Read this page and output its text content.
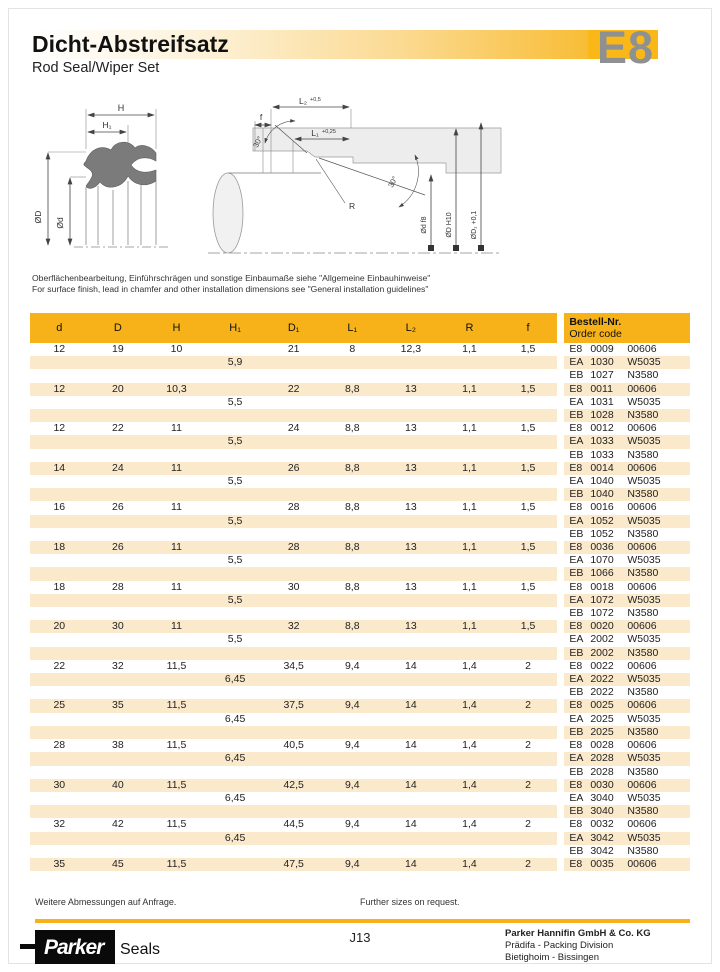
E8
Dicht-Abstreifsatz
Rod Seal/Wiper Set
H
H₁
ØD Ød
30°
30°
R
L₂ +0,5
f
L₁ +0,25
Ød f8	ØD H10	ØD₁ +0,1
Oberflächenbearbeitung, Einführschrägen und sonstige Einbaumaße siehe "Allgemeine Einbauhinweise"
For surface finish, lead in chamfer and other installation dimensions see "General installation guidelines"
d	D	H	H₁	D₁	L₁	L₂	R	f		Bestell-Nr.
Order code

12	19	10		21	8	12,3	1,1	1,5		E8 0009 00606
			5,9							EA 1030 W5035
										EB 1027 N3580
12	20	10,3		22	8,8	13	1,1	1,5		E8 0011 00606
			5,5							EA 1031 W5035
										EB 1028 N3580
12	22	11		24	8,8	13	1,1	1,5		E8 0012 00606
			5,5							EA 1033 W5035
										EB 1033 N3580
14	24	11		26	8,8	13	1,1	1,5		E8 0014 00606
			5,5							EA 1040 W5035
										EB 1040 N3580
16	26	11		28	8,8	13	1,1	1,5		E8 0016 00606
			5,5							EA 1052 W5035
										EB 1052 N3580
18	26	11		28	8,8	13	1,1	1,5		E8 0036 00606
			5,5							EA 1070 W5035
										EB 1066 N3580
18	28	11		30	8,8	13	1,1	1,5		E8 0018 00606
			5,5							EA 1072 W5035
										EB 1072 N3580
20	30	11		32	8,8	13	1,1	1,5		E8 0020 00606
			5,5							EA 2002 W5035
										EB 2002 N3580
22	32	11,5		34,5	9,4	14	1,4	2		E8 0022 00606
			6,45							EA 2022 W5035
										EB 2022 N3580
25	35	11,5		37,5	9,4	14	1,4	2		E8 0025 00606
			6,45							EA 2025 W5035
										EB 2025 N3580
28	38	11,5		40,5	9,4	14	1,4	2		E8 0028 00606
			6,45							EA 2028 W5035
										EB 2028 N3580
30	40	11,5		42,5	9,4	14	1,4	2		E8 0030 00606
			6,45							EA 3040 W5035
										EB 3040 N3580
32	42	11,5		44,5	9,4	14	1,4	2		E8 0032 00606
			6,45							EA 3042 W5035
										EB 3042 N3580
35	45	11,5		47,5	9,4	14	1,4	2		E8 0035 00606
Weitere Abmessungen auf Anfrage.	Further sizes on request.
Parker Seals
J13	Parker Hannifin GmbH & Co. KG
Prädifa - Packing Division
Bietighoim - Bissingen
